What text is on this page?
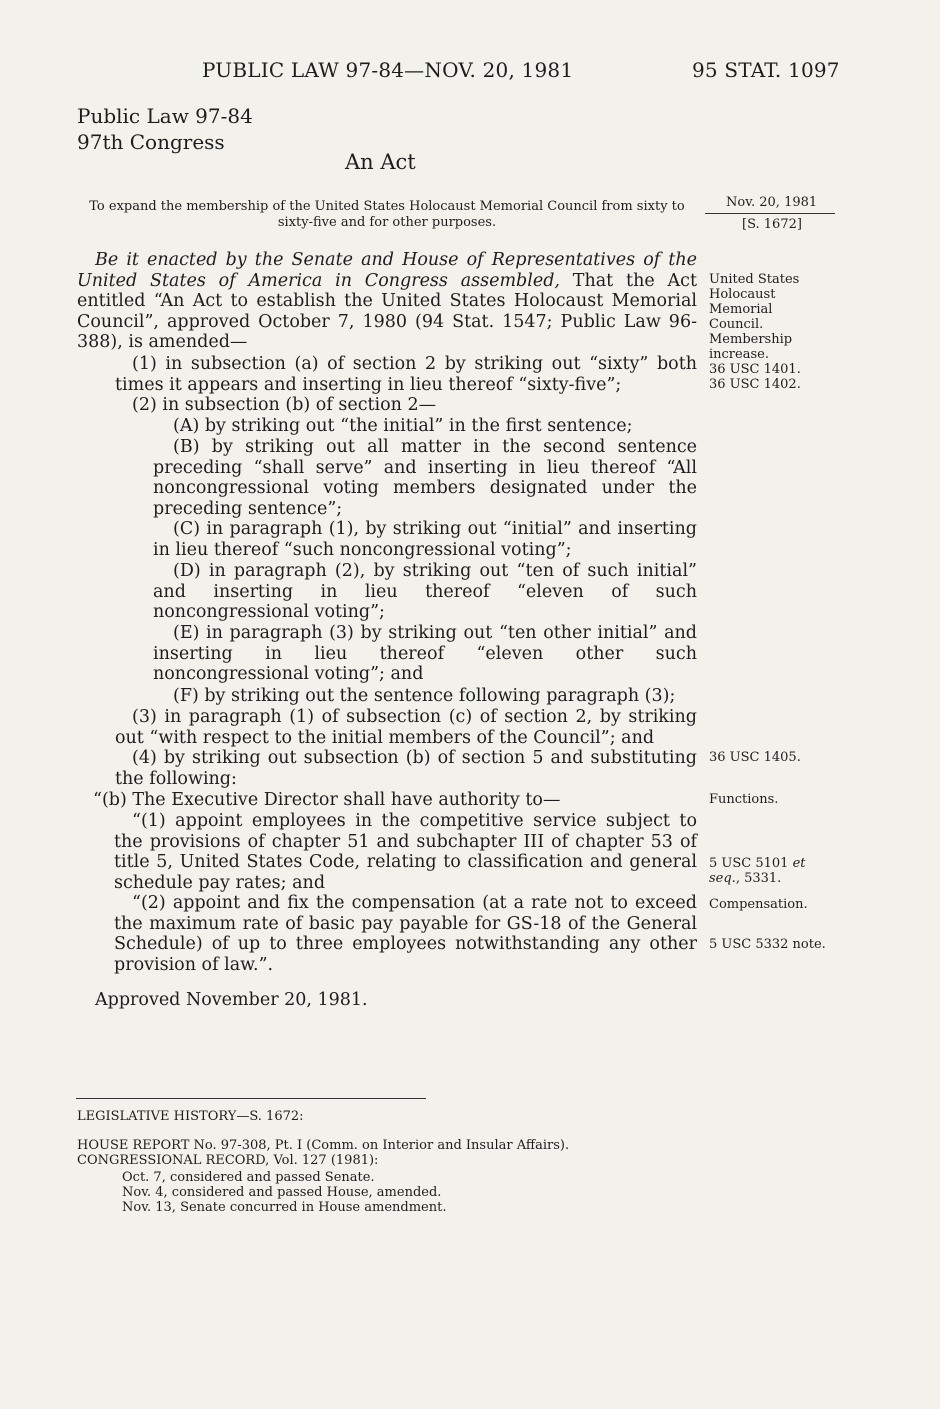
PUBLIC LAW 97-84—NOV. 20, 1981	95 STAT. 1097
Public Law 97-84
97th Congress
An Act
To expand the membership of the United States Holocaust Memorial Council from sixty to sixty-five and for other purposes.
Nov. 20, 1981
[S. 1672]
United States
Holocaust
Memorial
Council.
Membership
increase.
36 USC 1401.
36 USC 1402.
36 USC 1405.
Functions.
5 USC 5101 et
seq., 5331.
Compensation.
5 USC 5332 note.
Be it enacted by the Senate and House of Representatives of the United States of America in Congress assembled, That the Act entitled “An Act to establish the United States Holocaust Memorial Council”, approved October 7, 1980 (94 Stat. 1547; Public Law 96-388), is amended—
(1) in subsection (a) of section 2 by striking out “sixty” both times it appears and inserting in lieu thereof “sixty-five”;
(2) in subsection (b) of section 2—
(A) by striking out “the initial” in the first sentence;
(B) by striking out all matter in the second sentence preceding “shall serve” and inserting in lieu thereof “All noncongressional voting members designated under the preceding sentence”;
(C) in paragraph (1), by striking out “initial” and inserting in lieu thereof “such noncongressional voting”;
(D) in paragraph (2), by striking out “ten of such initial” and inserting in lieu thereof “eleven of such noncongressional voting”;
(E) in paragraph (3) by striking out “ten other initial” and inserting in lieu thereof “eleven other such noncongressional voting”; and
(F) by striking out the sentence following paragraph (3);
(3) in paragraph (1) of subsection (c) of section 2, by striking out “with respect to the initial members of the Council”; and
(4) by striking out subsection (b) of section 5 and substituting the following:
“(b) The Executive Director shall have authority to—
“(1) appoint employees in the competitive service subject to the provisions of chapter 51 and subchapter III of chapter 53 of title 5, United States Code, relating to classification and general schedule pay rates; and
“(2) appoint and fix the compensation (at a rate not to exceed the maximum rate of basic pay payable for GS-18 of the General Schedule) of up to three employees notwithstanding any other provision of law.”.
Approved November 20, 1981.
LEGISLATIVE HISTORY—S. 1672:
HOUSE REPORT No. 97-308, Pt. I (Comm. on Interior and Insular Affairs).
CONGRESSIONAL RECORD, Vol. 127 (1981):
Oct. 7, considered and passed Senate.
Nov. 4, considered and passed House, amended.
Nov. 13, Senate concurred in House amendment.
